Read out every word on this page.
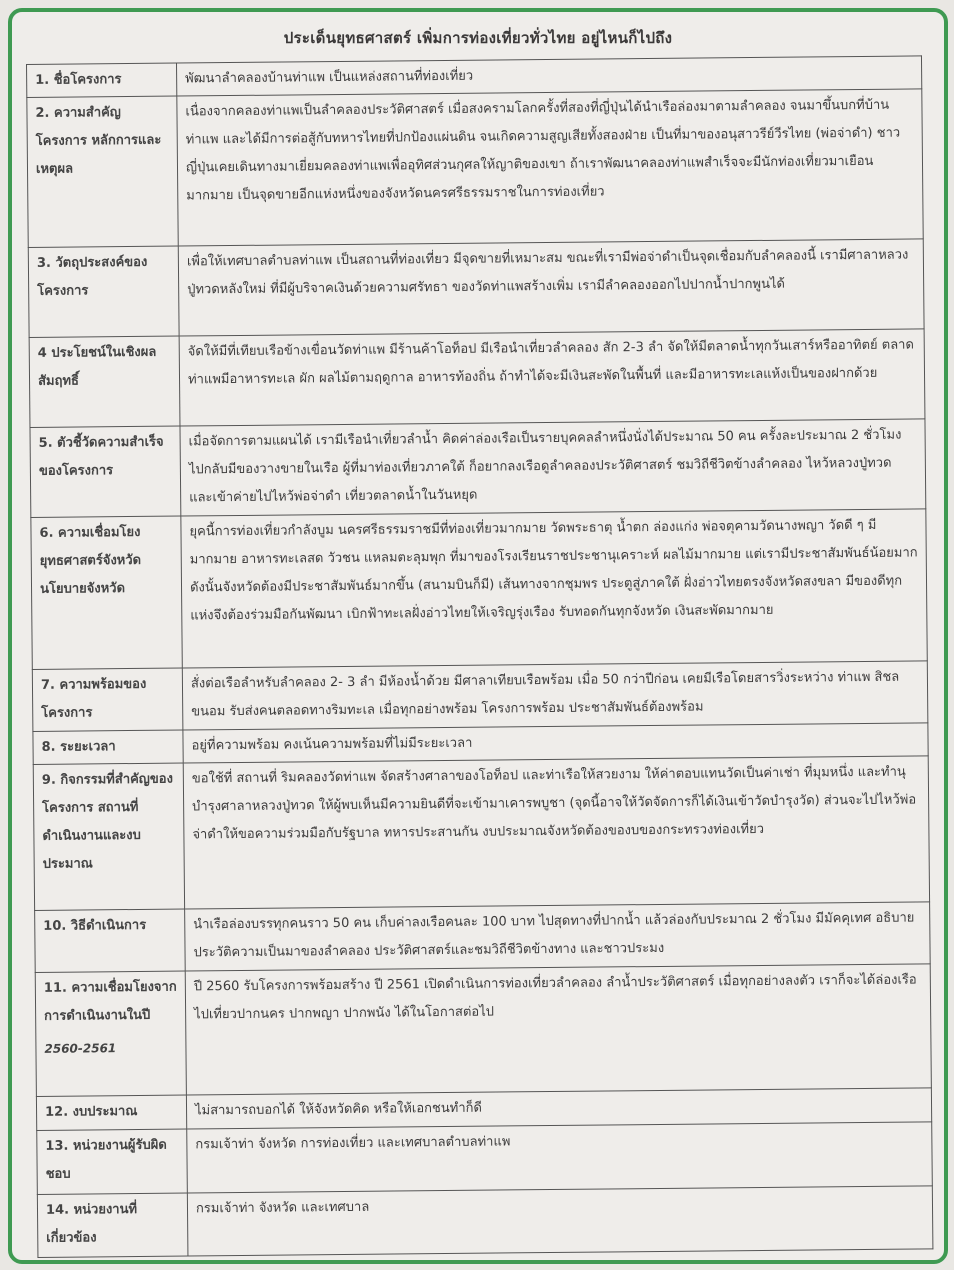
ประเด็นยุทธศาสตร์ เพิ่มการท่องเที่ยวทั่วไทย อยู่ไหนก็ไปถึง
1. ชื่อโครงการ	พัฒนาลำคลองบ้านท่าแพ เป็นแหล่งสถานที่ท่องเที่ยว
2. ความสำคัญโครงการ หลักการและเหตุผล	เนื่องจากคลองท่าแพเป็นลำคลองประวัติศาสตร์ เมื่อสงครามโลกครั้งที่สองที่ญี่ปุ่นได้นำเรือล่องมาตามลำคลอง จนมาขึ้นบกที่บ้านท่าแพ และได้มีการต่อสู้กับทหารไทยที่ปกป้องแผ่นดิน จนเกิดความสูญเสียทั้งสองฝ่าย เป็นที่มาของอนุสาวรีย์วีรไทย (พ่อจ่าดำ) ชาวญี่ปุ่นเคยเดินทางมาเยี่ยมคลองท่าแพเพื่ออุทิศส่วนกุศลให้ญาติของเขา ถ้าเราพัฒนาคลองท่าแพสำเร็จจะมีนักท่องเที่ยวมาเยือนมากมาย เป็นจุดขายอีกแห่งหนึ่งของจังหวัดนครศรีธรรมราชในการท่องเที่ยว
3. วัตถุประสงค์ของโครงการ	เพื่อให้เทศบาลตำบลท่าแพ เป็นสถานที่ท่องเที่ยว มีจุดขายที่เหมาะสม ขณะที่เรามีพ่อจ่าดำเป็นจุดเชื่อมกับลำคลองนี้ เรามีศาลาหลวงปู่ทวดหลังใหม่ ที่มีผู้บริจาคเงินด้วยความศรัทธา ของวัดท่าแพสร้างเพิ่ม เรามีลำคลองออกไปปากน้ำปากพูนได้
4 ประโยชน์ในเชิงผลสัมฤทธิ์	จัดให้มีที่เทียบเรือข้างเขื่อนวัดท่าแพ มีร้านค้าโอท็อป มีเรือนำเที่ยวลำคลอง สัก 2-3 ลำ จัดให้มีตลาดน้ำทุกวันเสาร์หรืออาทิตย์ ตลาดท่าแพมีอาหารทะเล ผัก ผลไม้ตามฤดูกาล อาหารท้องถิ่น ถ้าทำได้จะมีเงินสะพัดในพื้นที่ และมีอาหารทะเลแห้งเป็นของฝากด้วย
5. ตัวชี้วัดความสำเร็จของโครงการ	เมื่อจัดการตามแผนได้ เรามีเรือนำเที่ยวลำน้ำ คิดค่าล่องเรือเป็นรายบุคคลลำหนึ่งนั่งได้ประมาณ 50 คน ครั้งละประมาณ 2 ชั่วโมง ไปกลับมีของวางขายในเรือ ผู้ที่มาท่องเที่ยวภาคใต้ ก็อยากลงเรือดูลำคลองประวัติศาสตร์ ชมวิถีชีวิตข้างลำคลอง ไหว้หลวงปู่ทวด และเข้าค่ายไปไหว้พ่อจ่าดำ เที่ยวตลาดน้ำในวันหยุด
6. ความเชื่อมโยงยุทธศาสตร์จังหวัด นโยบายจังหวัด	ยุคนี้การท่องเที่ยวกำลังบูม นครศรีธรรมราชมีที่ท่องเที่ยวมากมาย วัดพระธาตุ น้ำตก ล่องแก่ง พ่อจตุคามวัดนางพญา วัดดี ๆ มีมากมาย อาหารทะเลสด วัวชน แหลมตะลุมพุก ที่มาของโรงเรียนราชประชานุเคราะห์ ผลไม้มากมาย แต่เรามีประชาสัมพันธ์น้อยมาก ดังนั้นจังหวัดต้องมีประชาสัมพันธ์มากขึ้น (สนามบินก็มี) เส้นทางจากชุมพร ประตูสู่ภาคใต้ ฝั่งอ่าวไทยตรงจังหวัดสงขลา มีของดีทุกแห่งจึงต้องร่วมมือกันพัฒนา เบิกฟ้าทะเลฝั่งอ่าวไทยให้เจริญรุ่งเรือง รับทอดกันทุกจังหวัด เงินสะพัดมากมาย
7. ความพร้อมของโครงการ	สั่งต่อเรือลำหรับลำคลอง 2- 3 ลำ มีห้องน้ำด้วย มีศาลาเทียบเรือพร้อม เมื่อ 50 กว่าปีก่อน เคยมีเรือโดยสารวิ่งระหว่าง ท่าแพ สิชล ขนอม รับส่งคนตลอดทางริมทะเล เมื่อทุกอย่างพร้อม โครงการพร้อม ประชาสัมพันธ์ต้องพร้อม
8. ระยะเวลา	อยู่ที่ความพร้อม คงเน้นความพร้อมที่ไม่มีระยะเวลา
9. กิจกรรมที่สำคัญของโครงการ สถานที่ดำเนินงานและงบประมาณ	ขอใช้ที่ สถานที่ ริมคลองวัดท่าแพ จัดสร้างศาลาของโอท็อป และท่าเรือให้สวยงาม ให้ค่าตอบแทนวัดเป็นค่าเช่า ที่มุมหนึ่ง และทำนุบำรุงศาลาหลวงปู่ทวด ให้ผู้พบเห็นมีความยินดีที่จะเข้ามาเคารพบูชา (จุดนี้อาจให้วัดจัดการก็ได้เงินเข้าวัดบำรุงวัด) ส่วนจะไปไหว้พ่อจ่าดำให้ขอความร่วมมือกับรัฐบาล ทหารประสานกัน งบประมาณจังหวัดต้องของบของกระทรวงท่องเที่ยว
10. วิธีดำเนินการ	นำเรือล่องบรรทุกคนราว 50 คน เก็บค่าลงเรือคนละ 100 บาท ไปสุดทางที่ปากน้ำ แล้วล่องกับประมาณ 2 ชั่วโมง มีมัคคุเทศ อธิบายประวัติความเป็นมาของลำคลอง ประวัติศาสตร์และชมวิถีชีวิตข้างทาง และชาวประมง
11. ความเชื่อมโยงจากการดำเนินงานในปี
2560-2561	ปี 2560 รับโครงการพร้อมสร้าง ปี 2561 เปิดดำเนินการท่องเที่ยวลำคลอง ลำน้ำประวัติศาสตร์ เมื่อทุกอย่างลงตัว เราก็จะได้ล่องเรือไปเที่ยวปากนคร ปากพญา ปากพนัง ได้ในโอกาสต่อไป
12. งบประมาณ	ไม่สามารถบอกได้ ให้จังหวัดคิด หรือให้เอกชนทำก็ดี
13. หน่วยงานผู้รับผิดชอบ	กรมเจ้าท่า จังหวัด การท่องเที่ยว และเทศบาลตำบลท่าแพ
14. หน่วยงานที่เกี่ยวข้อง	กรมเจ้าท่า จังหวัด และเทศบาล
